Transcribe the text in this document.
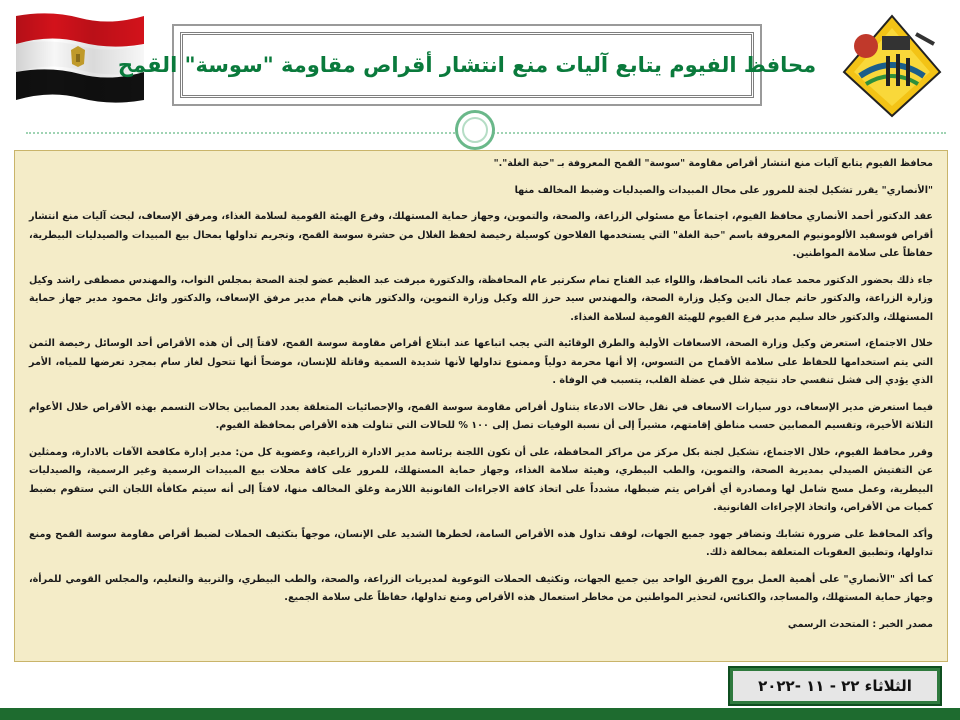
محافظ الفيوم يتابع آليات منع انتشار أقراص مقاومة "سوسة" القمح

محافظ الفيوم يتابع آليات منع انتشار أقراص مقاومة "سوسة" القمح المعروفة بـ "حبة الغلة"."

"الأنصاري" يقرر تشكيل لجنة للمرور على محال المبيدات والصيدليات وضبط المخالف منها

عقد الدكتور أحمد الأنصاري محافظ الفيوم، اجتماعاً مع مسئولي الزراعة، والصحة، والتموين، وجهاز حماية المستهلك، وفرع الهيئة القومية لسلامة الغذاء، ومرفق الإسعاف، لبحث آليات منع انتشار أقراص فوسفيد الألومونيوم المعروفة باسم "حبة الغلة" التي يستخدمها الفلاحون كوسيلة رخيصة لحفظ الغلال من حشرة سوسة القمح، وتجريم تداولها بمحال بيع المبيدات والصيدليات البيطرية، حفاظاً على سلامة المواطنين.

جاء ذلك بحضور الدكتور محمد عماد نائب المحافظ، واللواء عبد الفتاح تمام سكرتير عام المحافظة، والدكتورة ميرفت عبد العظيم عضو لجنة الصحة بمجلس النواب، والمهندس مصطفى راشد وكيل وزارة الزراعة، والدكتور حاتم جمال الدين وكيل وزارة الصحة، والمهندس سيد حرز الله وكيل وزارة التموين، والدكتور هاني همام مدير مرفق الإسعاف، والدكتور وائل محمود مدير جهاز حماية المستهلك، والدكتور خالد سليم مدير فرع الفيوم للهيئة القومية لسلامة الغذاء.

خلال الاجتماع، استعرض وكيل وزارة الصحة، الاسعافات الأولية والطرق الوقائية التي يجب اتباعها عند ابتلاع أقراص مقاومة سوسة القمح، لافتاً إلى أن هذه الأقراص أحد الوسائل رخيصة الثمن التي يتم استخدامها للحفاظ على سلامة الأقماح من التسوس، إلا أنها محرمة دولياً وممنوع تداولها لأنها شديدة السمية وقاتلة للإنسان، موضحاً أنها تتحول لغاز سام بمجرد تعرضها للمياه، الأمر الذي يؤدي إلى فشل تنفسي حاد نتيجة شلل في عضلة القلب، يتسبب في الوفاة .

فيما استعرض مدير الإسعاف، دور سيارات الاسعاف في نقل حالات الادعاء بتناول أقراص مقاومة سوسة القمح، والإحصائيات المتعلقة بعدد المصابين بحالات التسمم بهذه الأقراص خلال الأعوام الثلاثة الأخيرة، وتقسيم المصابين حسب مناطق إقامتهم، مشيراً إلى أن نسبة الوفيات تصل إلى ١٠٠ % للحالات التي تناولت هذه الأقراص بمحافظة الفيوم.

وقرر محافظ الفيوم، خلال الاجتماع، تشكيل لجنة بكل مركز من مراكز المحافظة، على أن تكون اللجنة برئاسة مدير الادارة الزراعية، وعضوية كل من: مدير إدارة مكافحة الآفات بالادارة، وممثلين عن التفتيش الصيدلي بمديرية الصحة، والتموين، والطب البيطري، وهيئة سلامة الغذاء، وجهاز حماية المستهلك، للمرور على كافة محلات بيع المبيدات الرسمية وغير الرسمية، والصيدليات البيطرية، وعمل مسح شامل لها ومصادرة أي أقراص يتم ضبطها، مشدداً على اتخاذ كافة الاجراءات القانونية اللازمة وغلق المخالف منها، لافتاً إلى أنه سيتم مكافأة اللجان التي ستقوم بضبط كميات من الأقراص، واتخاذ الإجراءات القانونية.

وأكد المحافظ على ضرورة تشابك وتضافر جهود جميع الجهات، لوقف تداول هذه الأقراص السامة، لخطرها الشديد على الإنسان، موجهاً بتكثيف الحملات لضبط أقراص مقاومة سوسة القمح ومنع تداولها، وتطبيق العقوبات المتعلقة بمخالفة ذلك.

كما أكد "الأنصاري" على أهمية العمل بروح الفريق الواحد بين جميع الجهات، وتكثيف الحملات التوعوية لمديريات الزراعة، والصحة، والطب البيطري، والتربية والتعليم، والمجلس القومي للمرأة، وجهاز حماية المستهلك، والمساجد، والكنائس، لتحذير المواطنين من مخاطر استعمال هذه الأقراص ومنع تداولها، حفاظاً على سلامة الجميع.

مصدر الخبر : المتحدث الرسمي

الثلاثاء ٢٢ - ١١ -٢٠٢٢
